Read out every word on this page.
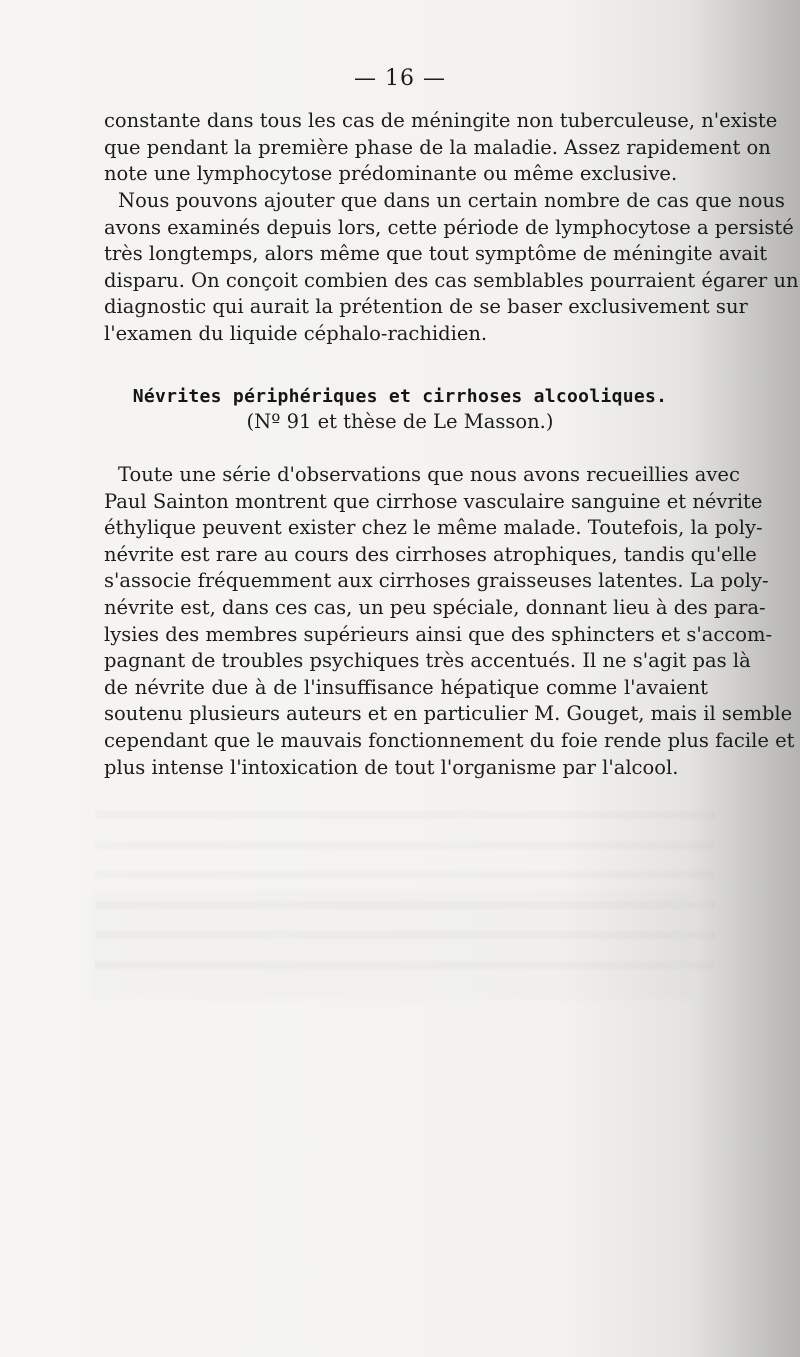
— 16 —
constante dans tous les cas de méningite non tuberculeuse, n'existe
que pendant la première phase de la maladie. Assez rapidement on
note une lymphocytose prédominante ou même exclusive.
Nous pouvons ajouter que dans un certain nombre de cas que nous
avons examinés depuis lors, cette période de lymphocytose a persisté
très longtemps, alors même que tout symptôme de méningite avait
disparu. On conçoit combien des cas semblables pourraient égarer un
diagnostic qui aurait la prétention de se baser exclusivement sur
l'examen du liquide céphalo-rachidien.
Névrites périphériques et cirrhoses alcooliques.
(Nº 91 et thèse de Le Masson.)
Toute une série d'observations que nous avons recueillies avec
Paul Sainton montrent que cirrhose vasculaire sanguine et névrite
éthylique peuvent exister chez le même malade. Toutefois, la poly-
névrite est rare au cours des cirrhoses atrophiques, tandis qu'elle
s'associe fréquemment aux cirrhoses graisseuses latentes. La poly-
névrite est, dans ces cas, un peu spéciale, donnant lieu à des para-
lysies des membres supérieurs ainsi que des sphincters et s'accom-
pagnant de troubles psychiques très accentués. Il ne s'agit pas là
de névrite due à de l'insuffisance hépatique comme l'avaient
soutenu plusieurs auteurs et en particulier M. Gouget, mais il semble
cependant que le mauvais fonctionnement du foie rende plus facile et
plus intense l'intoxication de tout l'organisme par l'alcool.
